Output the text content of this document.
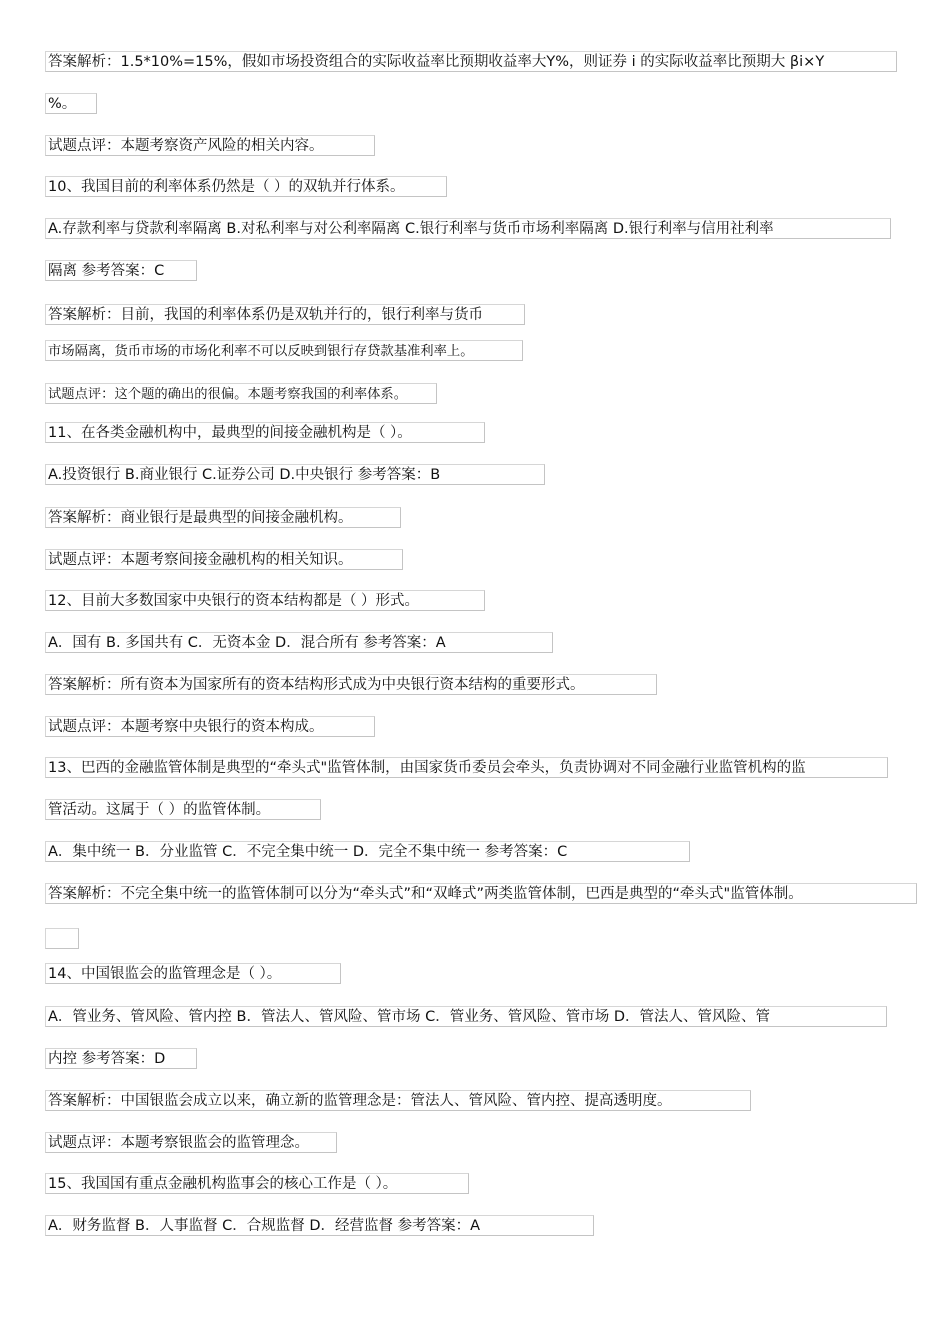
答案解析：1.5*10%=15%，假如市场投资组合的实际收益率比预期收益率大Y%，则证券 i 的实际收益率比预期大 βi×Y
%。
试题点评：本题考察资产风险的相关内容。
10、我国目前的利率体系仍然是（ ）的双轨并行体系。
A.存款利率与贷款利率隔离 B.对私利率与对公利率隔离 C.银行利率与货币市场利率隔离 D.银行利率与信用社利率
隔离 参考答案：C
答案解析：目前，我国的利率体系仍是双轨并行的，银行利率与货币
市场隔离，货币市场的市场化利率不可以反映到银行存贷款基准利率上。
试题点评：这个题的确出的很偏。本题考察我国的利率体系。
11、在各类金融机构中，最典型的间接金融机构是（ ）。
A.投资银行 B.商业银行 C.证券公司 D.中央银行 参考答案：B
答案解析：商业银行是最典型的间接金融机构。
试题点评：本题考察间接金融机构的相关知识。
12、目前大多数国家中央银行的资本结构都是（ ）形式。
A．国有 B. 多国共有 C．无资本金 D．混合所有 参考答案：A
答案解析：所有资本为国家所有的资本结构形式成为中央银行资本结构的重要形式。
试题点评：本题考察中央银行的资本构成。
13、巴西的金融监管体制是典型的“牵头式"监管体制，由国家货币委员会牵头，负责协调对不同金融行业监管机构的监
管活动。这属于（ ）的监管体制。
A．集中统一 B．分业监管 C．不完全集中统一 D．完全不集中统一 参考答案：C
答案解析：不完全集中统一的监管体制可以分为“牵头式”和“双峰式”两类监管体制，巴西是典型的“牵头式"监管体制。
14、中国银监会的监管理念是（ ）。
A．管业务、管风险、管内控 B．管法人、管风险、管市场 C．管业务、管风险、管市场 D．管法人、管风险、管
内控 参考答案：D
答案解析：中国银监会成立以来，确立新的监管理念是：管法人、管风险、管内控、提高透明度。
试题点评：本题考察银监会的监管理念。
15、我国国有重点金融机构监事会的核心工作是（ ）。
A．财务监督 B．人事监督 C．合规监督 D．经营监督 参考答案：A
